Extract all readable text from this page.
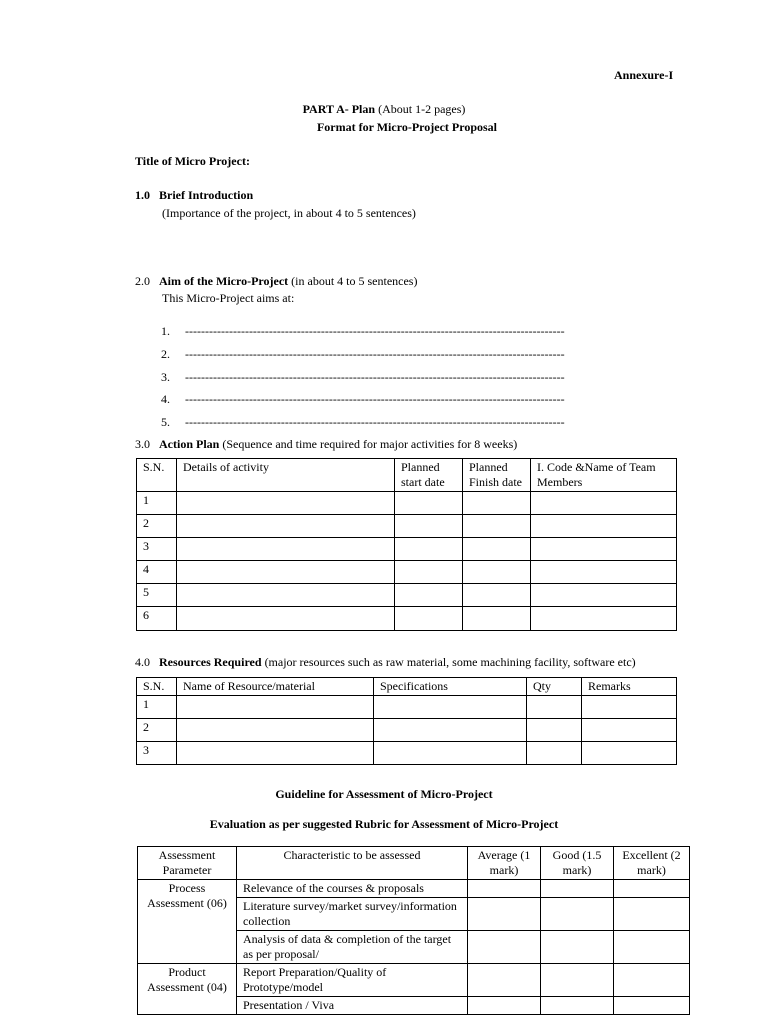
Annexure-I
PART A- Plan (About 1-2 pages)
Format for Micro-Project Proposal
Title of Micro Project:
1.0 Brief Introduction
(Importance of the project, in about 4 to 5 sentences)
2.0 Aim of the Micro-Project (in about 4 to 5 sentences)
This Micro-Project aims at:
1. -----------------------------------------------------------------------------------------------
2. -----------------------------------------------------------------------------------------------
3. -----------------------------------------------------------------------------------------------
4. -----------------------------------------------------------------------------------------------
5. -----------------------------------------------------------------------------------------------
3.0 Action Plan (Sequence and time required for major activities for 8 weeks)
S.N.	Details of activity	Planned start date	Planned Finish date	I. Code &Name of Team Members
1				
2				
3				
4				
5				
6				
4.0 Resources Required (major resources such as raw material, some machining facility, software etc)
S.N.	Name of Resource/material	Specifications	Qty	Remarks
1				
2				
3				
Guideline for Assessment of Micro-Project
Evaluation as per suggested Rubric for Assessment of Micro-Project
Assessment Parameter	Characteristic to be assessed	Average (1 mark)	Good (1.5 mark)	Excellent (2 mark)
Process Assessment (06)	Relevance of the courses & proposals			
	Literature survey/market survey/information collection			
	Analysis of data & completion of the target as per proposal/			
Product Assessment (04)	Report Preparation/Quality of Prototype/model			
	Presentation / Viva			
